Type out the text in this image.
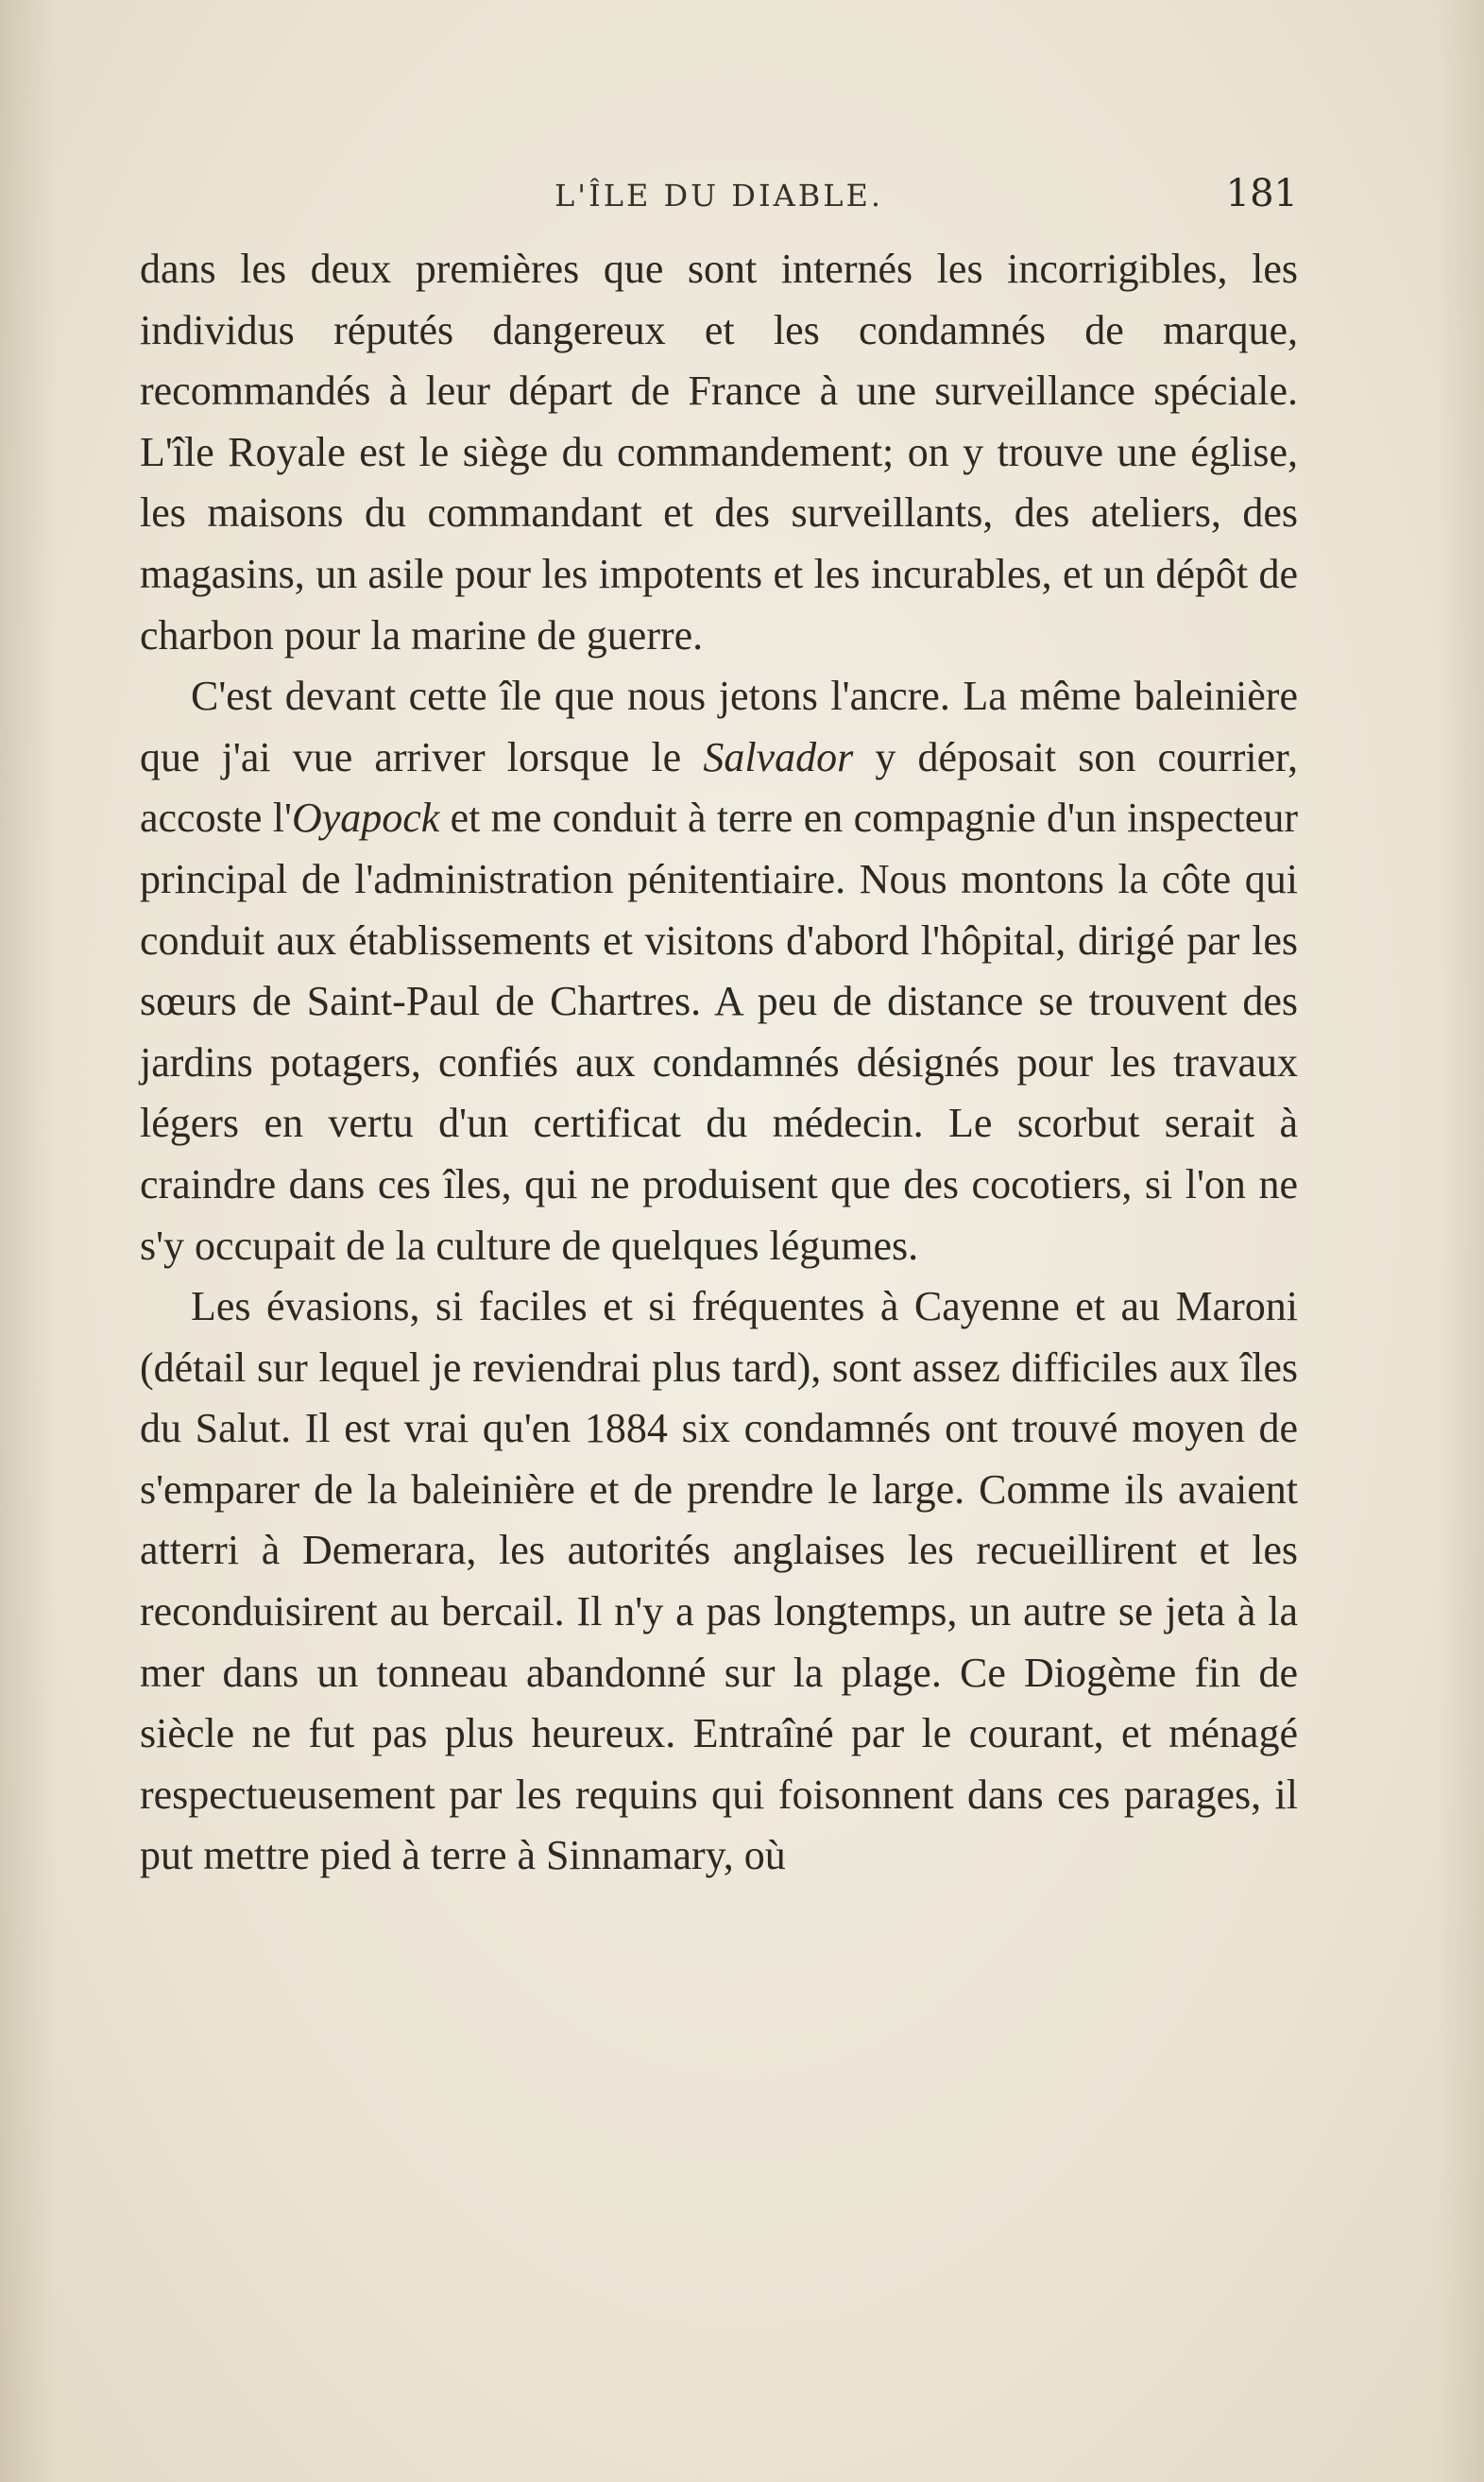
L'ÎLE DU DIABLE.	181

dans les deux premières que sont internés les incorrigibles, les individus réputés dangereux et les condamnés de marque, recommandés à leur départ de France à une surveillance spéciale. L'île Royale est le siège du commandement; on y trouve une église, les maisons du commandant et des surveillants, des ateliers, des magasins, un asile pour les impotents et les incurables, et un dépôt de charbon pour la marine de guerre.

C'est devant cette île que nous jetons l'ancre. La même baleinière que j'ai vue arriver lorsque le Salvador y déposait son courrier, accoste l'Oyapock et me conduit à terre en compagnie d'un inspecteur principal de l'administration pénitentiaire. Nous montons la côte qui conduit aux établissements et visitons d'abord l'hôpital, dirigé par les sœurs de Saint-Paul de Chartres. A peu de distance se trouvent des jardins potagers, confiés aux condamnés désignés pour les travaux légers en vertu d'un certificat du médecin. Le scorbut serait à craindre dans ces îles, qui ne produisent que des cocotiers, si l'on ne s'y occupait de la culture de quelques légumes.

Les évasions, si faciles et si fréquentes à Cayenne et au Maroni (détail sur lequel je reviendrai plus tard), sont assez difficiles aux îles du Salut. Il est vrai qu'en 1884 six condamnés ont trouvé moyen de s'emparer de la baleinière et de prendre le large. Comme ils avaient atterri à Demerara, les autorités anglaises les recueillirent et les reconduisirent au bercail. Il n'y a pas longtemps, un autre se jeta à la mer dans un tonneau abandonné sur la plage. Ce Diogème fin de siècle ne fut pas plus heureux. Entraîné par le courant, et ménagé respectueusement par les requins qui foisonnent dans ces parages, il put mettre pied à terre à Sinnamary, où
